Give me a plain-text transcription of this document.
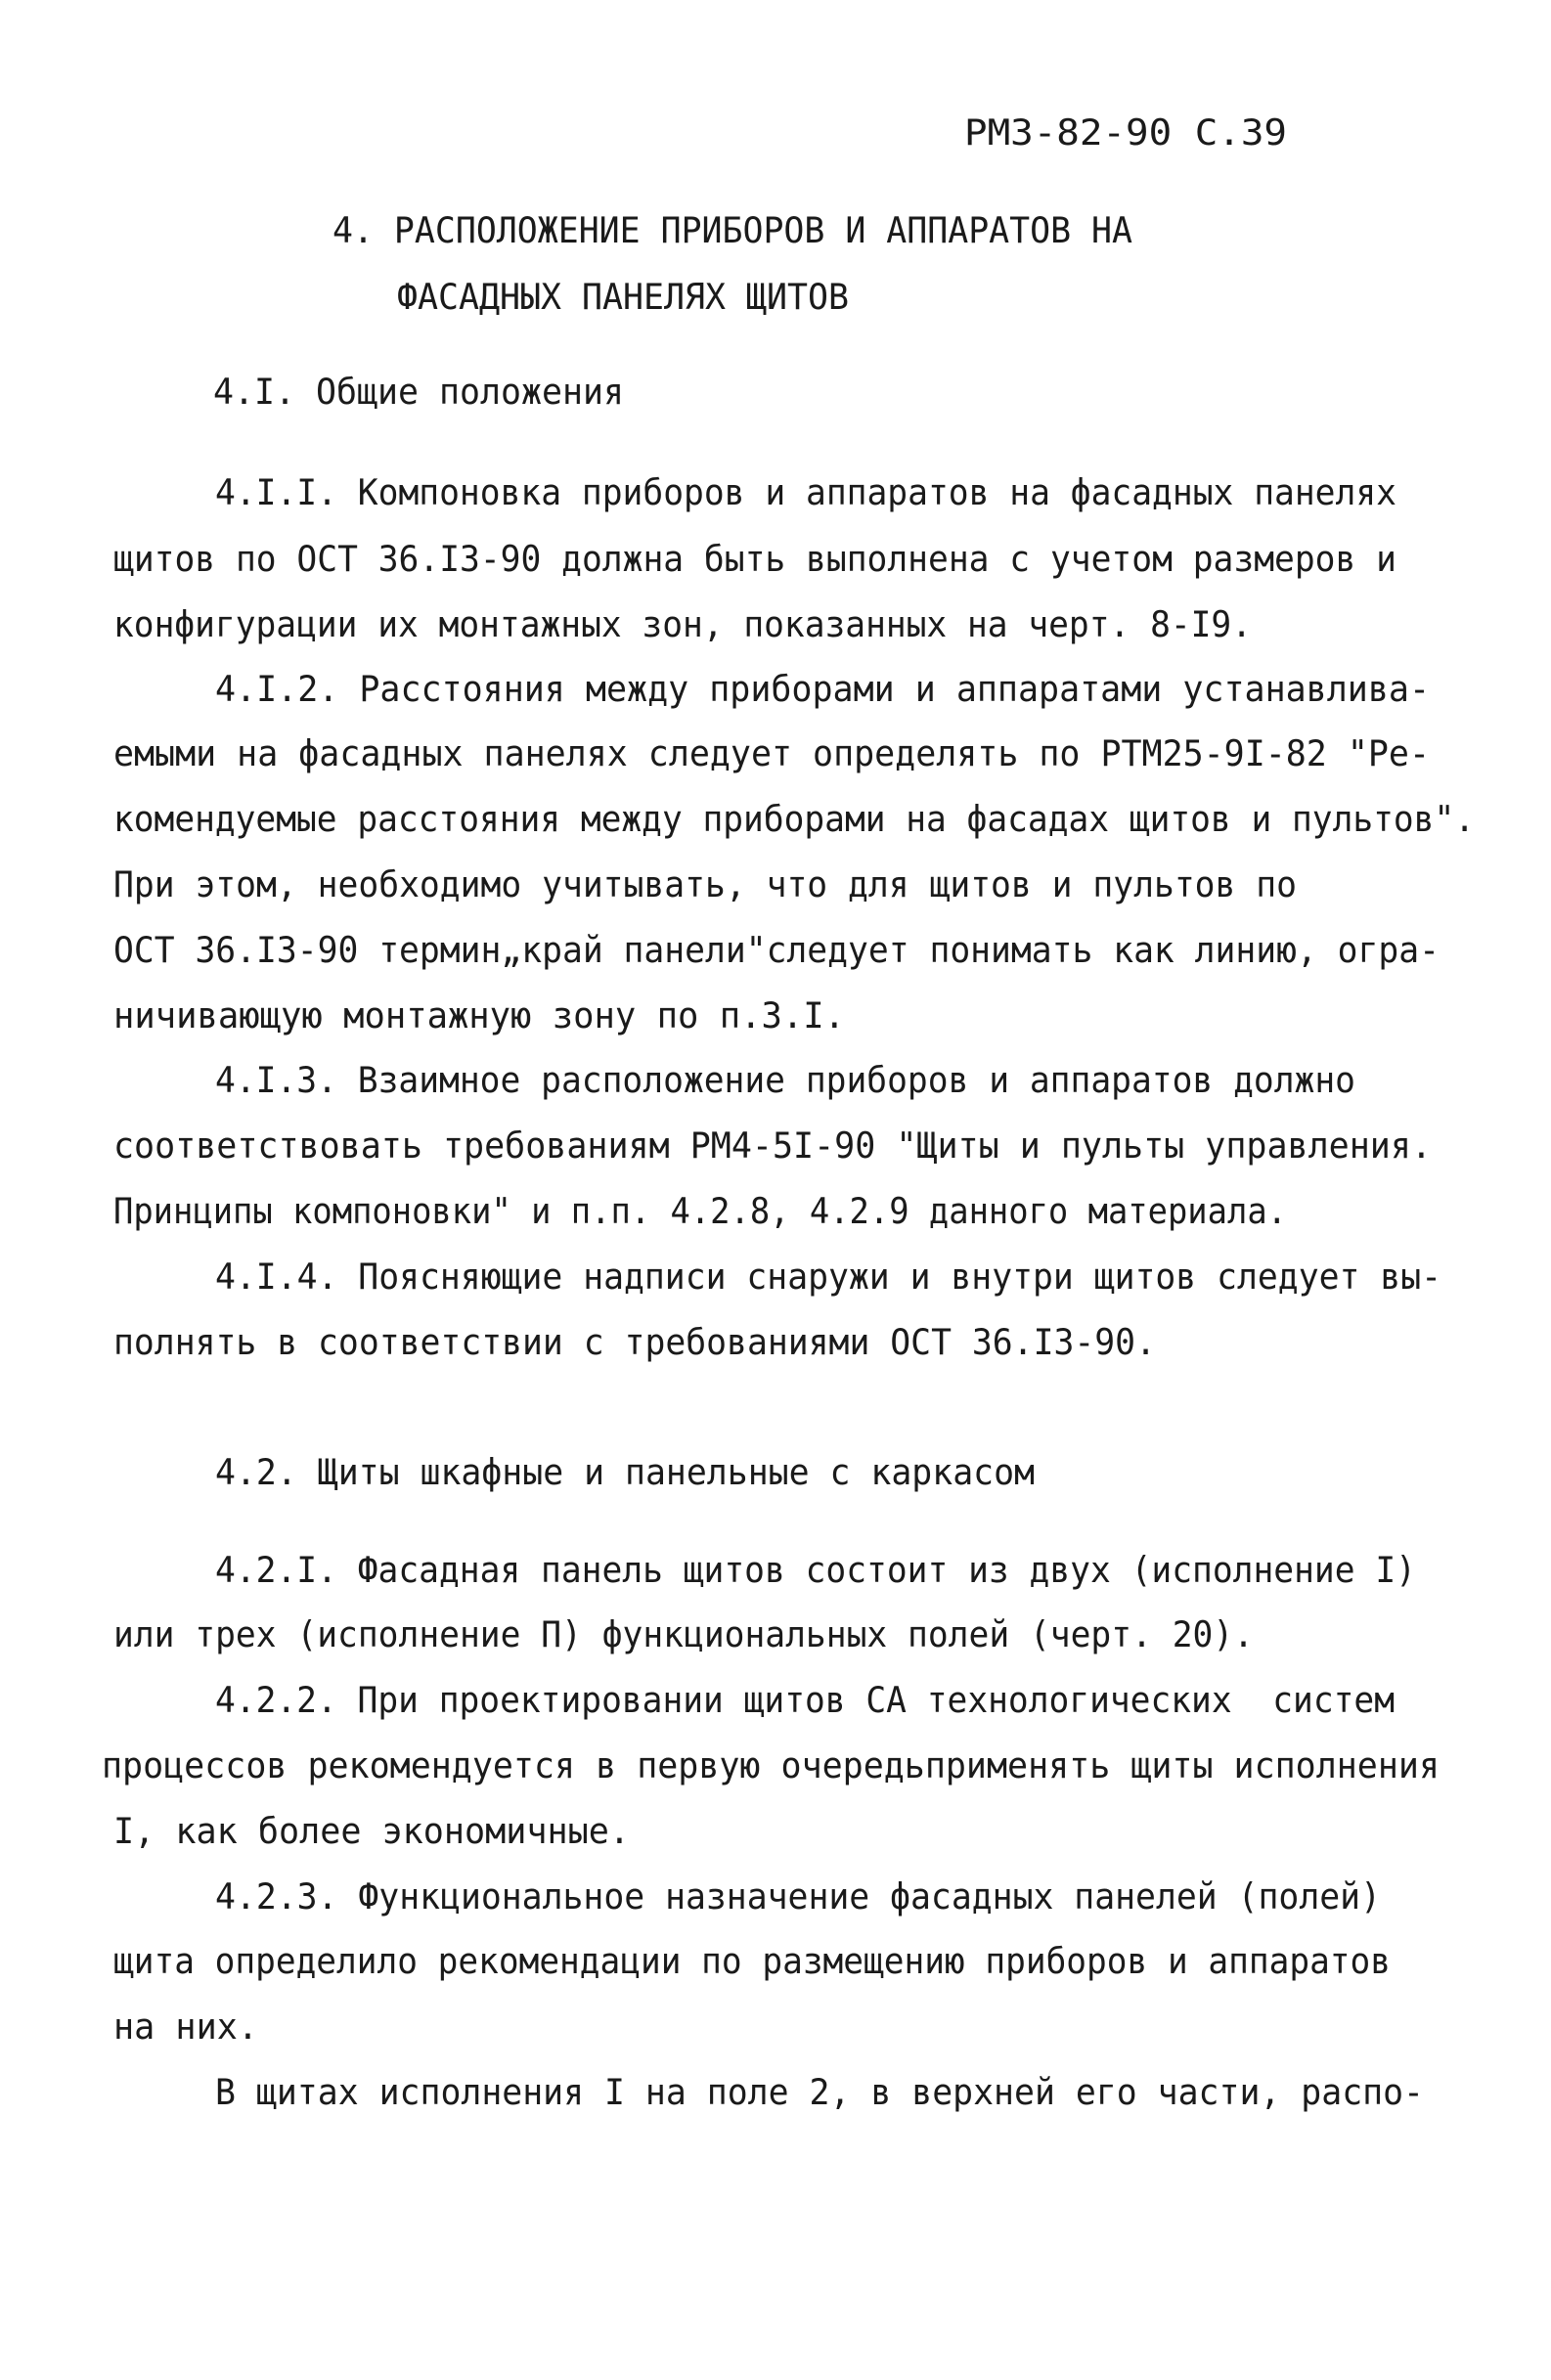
РМЗ-82-90 С.39
4. РАСПОЛОЖЕНИЕ ПРИБОРОВ И АППАРАТОВ НА
ФАСАДНЫХ ПАНЕЛЯХ ЩИТОВ
4.I. Общие положения
4.I.I. Компоновка приборов и аппаратов на фасадных панелях
щитов по ОСТ 36.I3-90 должна быть выполнена с учетом размеров и
конфигурации их монтажных зон, показанных на черт. 8-I9.
4.I.2. Расстояния между приборами и аппаратами устанавлива-
емыми на фасадных панелях следует определять по РТМ25-9I-82 "Ре-
комендуемые расстояния между приборами на фасадах щитов и пультов".
При этом, необходимо учитывать, что для щитов и пультов по
ОСТ 36.I3-90 термин„край панели"следует понимать как линию, огра-
ничивающую монтажную зону по п.3.I.
4.I.3. Взаимное расположение приборов и аппаратов должно
соответствовать требованиям РМ4-5I-90 "Щиты и пульты управления.
Принципы компоновки" и п.п. 4.2.8, 4.2.9 данного материала.
4.I.4. Поясняющие надписи снаружи и внутри щитов следует вы-
полнять в соответствии с требованиями ОСТ 36.I3-90.
4.2. Щиты шкафные и панельные с каркасом
4.2.I. Фасадная панель щитов состоит из двух (исполнение I)
или трех (исполнение П) функциональных полей (черт. 20).
4.2.2. При проектировании щитов СА технологических  систем
процессов рекомендуется в первую очередьприменять щиты исполнения
I, как более экономичные.
4.2.3. Функциональное назначение фасадных панелей (полей)
щита определило рекомендации по размещению приборов и аппаратов
на них.
В щитах исполнения I на поле 2, в верхней его части, распо-
